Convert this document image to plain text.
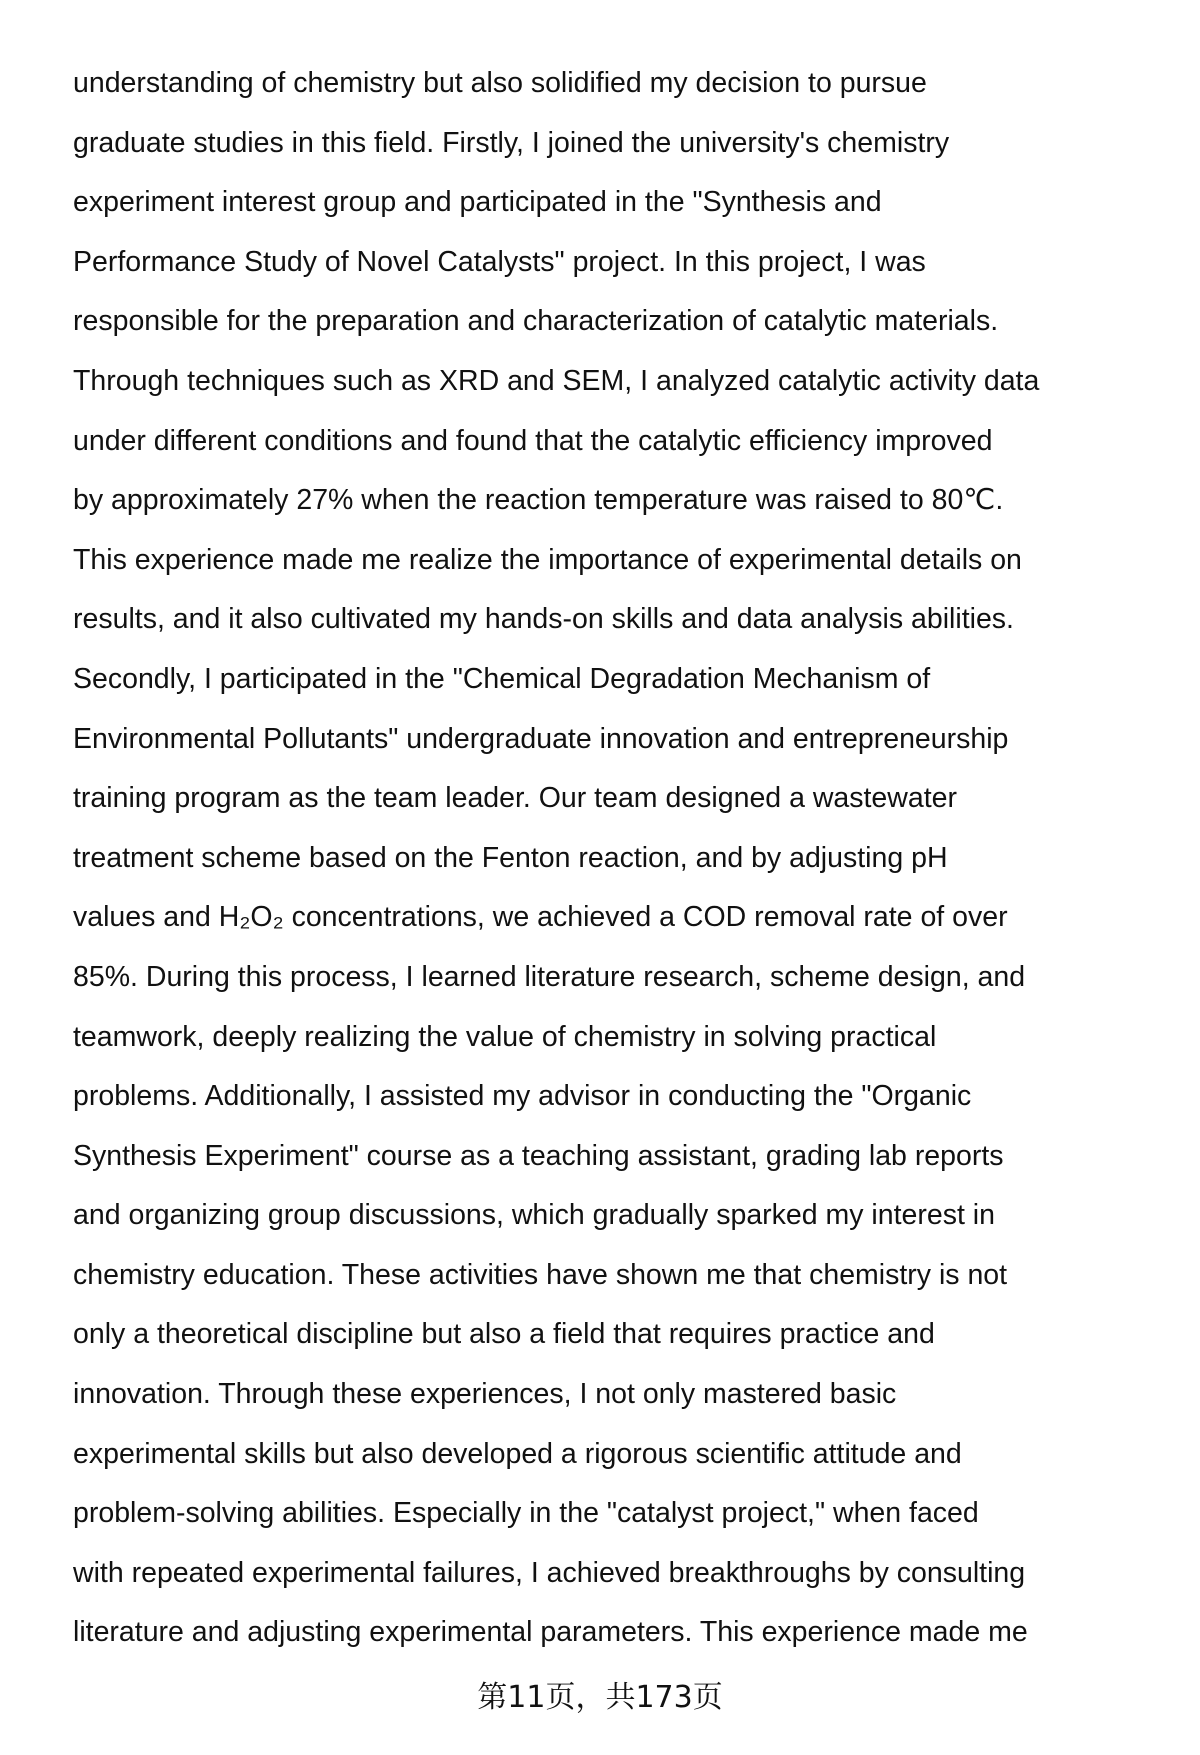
understanding of chemistry but also solidified my decision to pursue
graduate studies in this field. Firstly, I joined the university's chemistry
experiment interest group and participated in the "Synthesis and
Performance Study of Novel Catalysts" project. In this project, I was
responsible for the preparation and characterization of catalytic materials.
Through techniques such as XRD and SEM, I analyzed catalytic activity data
under different conditions and found that the catalytic efficiency improved
by approximately 27% when the reaction temperature was raised to 80℃.
This experience made me realize the importance of experimental details on
results, and it also cultivated my hands-on skills and data analysis abilities.
Secondly, I participated in the "Chemical Degradation Mechanism of
Environmental Pollutants" undergraduate innovation and entrepreneurship
training program as the team leader. Our team designed a wastewater
treatment scheme based on the Fenton reaction, and by adjusting pH
values and H₂O₂ concentrations, we achieved a COD removal rate of over
85%. During this process, I learned literature research, scheme design, and
teamwork, deeply realizing the value of chemistry in solving practical
problems. Additionally, I assisted my advisor in conducting the "Organic
Synthesis Experiment" course as a teaching assistant, grading lab reports
and organizing group discussions, which gradually sparked my interest in
chemistry education. These activities have shown me that chemistry is not
only a theoretical discipline but also a field that requires practice and
innovation. Through these experiences, I not only mastered basic
experimental skills but also developed a rigorous scientific attitude and
problem-solving abilities. Especially in the "catalyst project," when faced
with repeated experimental failures, I achieved breakthroughs by consulting
literature and adjusting experimental parameters. This experience made me
第11页，共173页
